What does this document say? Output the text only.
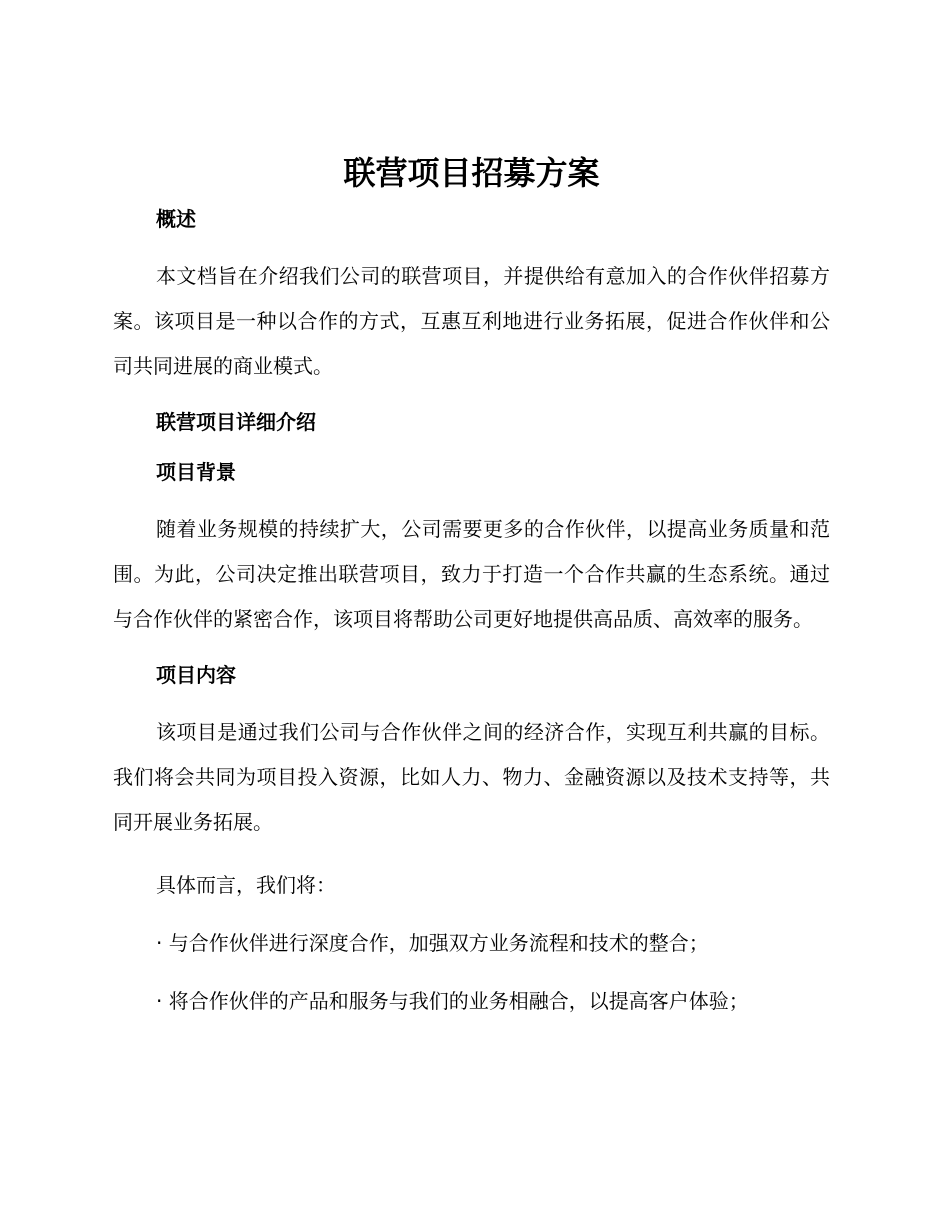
联营项目招募方案
概述
本文档旨在介绍我们公司的联营项目，并提供给有意加入的合作伙伴招募方案。该项目是一种以合作的方式，互惠互利地进行业务拓展，促进合作伙伴和公司共同进展的商业模式。
联营项目详细介绍
项目背景
随着业务规模的持续扩大，公司需要更多的合作伙伴，以提高业务质量和范围。为此，公司决定推出联营项目，致力于打造一个合作共赢的生态系统。通过与合作伙伴的紧密合作，该项目将帮助公司更好地提供高品质、高效率的服务。
项目内容
该项目是通过我们公司与合作伙伴之间的经济合作，实现互利共赢的目标。我们将会共同为项目投入资源，比如人力、物力、金融资源以及技术支持等，共同开展业务拓展。
具体而言，我们将：
· 与合作伙伴进行深度合作，加强双方业务流程和技术的整合；
· 将合作伙伴的产品和服务与我们的业务相融合，以提高客户体验；
